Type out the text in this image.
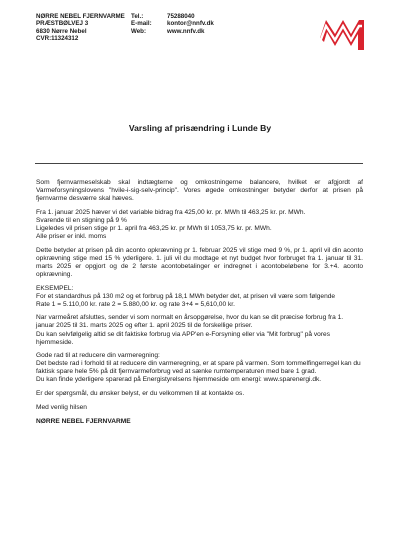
NØRRE NEBEL FJERNVARME
PRÆSTBØLVEJ 3
6830 Nørre Nebel
CVR:11324312
Tel.:	75288040
E-mail:	kontor@nnfv.dk
Web:	www.nnfv.dk
Varsling af prisændring i Lunde By

Som fjernvarmeselskab skal indtægterne og omkostningerne balancere, hvilket er afgjordt af Varmeforsyningslovens "hvile-i-sig-selv-princip". Vores øgede omkostninger betyder derfor at prisen på fjernvarme desværre skal hæves.

Fra 1. januar 2025 hæver vi det variable bidrag fra 425,00 kr. pr. MWh til 463,25 kr. pr. MWh.
Svarende til en stigning på 9 %
Ligeledes vil prisen stige pr 1. april fra 463,25 kr. pr MWh til 1053,75 kr. pr. MWh.
Alle priser er inkl. moms

Dette betyder at prisen på din aconto opkrævning pr 1. februar 2025 vil stige med 9 %, pr 1. april vil din aconto opkrævning stige med 15 % yderligere. 1. juli vil du modtage et nyt budget hvor forbruget fra 1. januar til 31. marts 2025 er opgjort og de 2 første acontobetalinger er indregnet i acontobeløbene for 3.+4. aconto opkrævning.

EKSEMPEL:
For et standardhus på 130 m2 og et forbrug på 18,1 MWh betyder det, at prisen vil være som følgende
Rate 1 = 5.110,00 kr. rate 2 = 5.880,00 kr. og rate 3+4 = 5,610,00 kr.

Nar varmeåret afsluttes, sender vi som normalt en årsopgørelse, hvor du kan se dit præcise forbrug fra 1. januar 2025 til 31. marts 2025 og efter 1. april 2025 til de forskellige priser.
Du kan selvfølgelig altid se dit faktiske forbrug via APP'en e-Forsyning eller via "Mit forbrug" på vores hjemmeside.

Gode rad til at reducere din varmeregning:
Det bedste rad i forhold til at reducere din varmeregning, er at spare på varmen. Som tommelfingerregel kan du faktisk spare hele 5% på dit fjernvarmeforbrug ved at sænke rumtemperaturen med bare 1 grad.
Du kan finde yderligere sparerad på Energistyrelsens hjemmeside om energi: www.sparenergi.dk.

Er der spørgsmål, du ønsker belyst, er du velkommen til at kontakte os.

Med venlig hilsen

NØRRE NEBEL FJERNVARME
